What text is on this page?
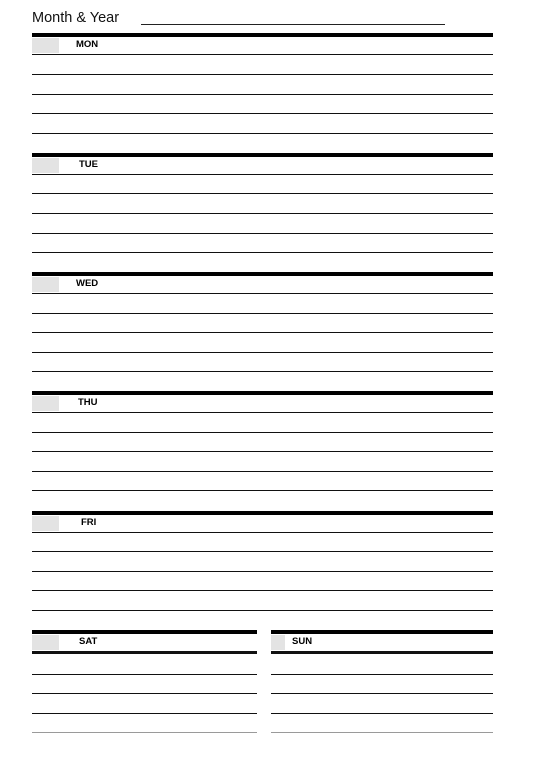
Month & Year
MON
TUE
WED
THU
FRI
SAT	SUN
